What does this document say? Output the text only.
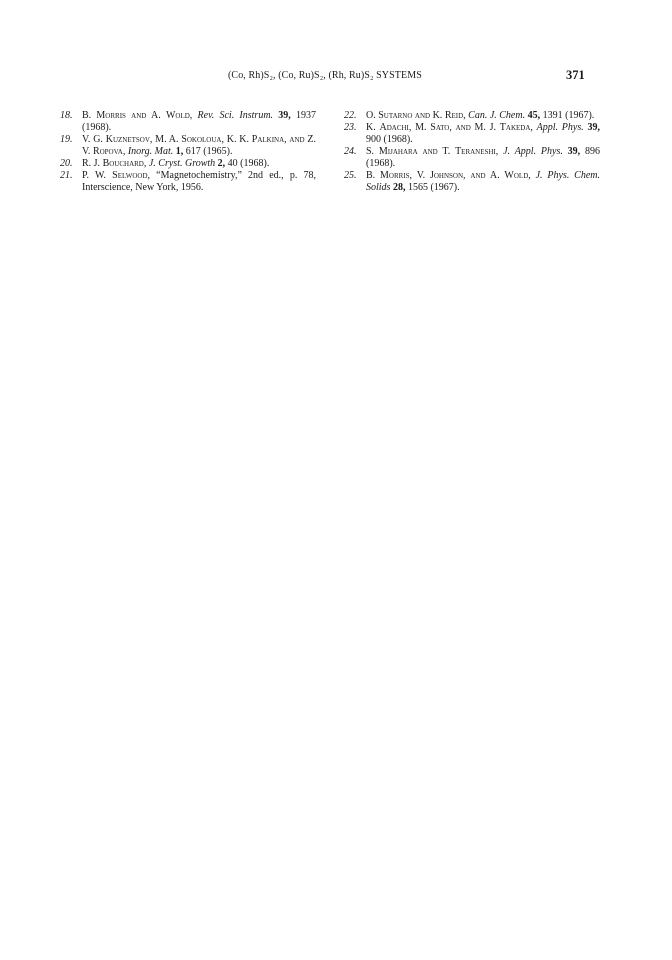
(Co, Rh)S₂, (Co, Ru)S₂, (Rh, Ru)S₂ SYSTEMS	371
18. B. Morris and A. Wold, Rev. Sci. Instrum. 39, 1937 (1968).
19. V. G. Kuznetsov, M. A. Sokoloua, K. K. Palkina, and Z. V. Ropova, Inorg. Mat. 1, 617 (1965).
20. R. J. Bouchard, J. Cryst. Growth 2, 40 (1968).
21. P. W. Selwood, “Magnetochemistry,” 2nd ed., p. 78, Interscience, New York, 1956.
22. O. Sutarno and K. Reid, Can. J. Chem. 45, 1391 (1967).
23. K. Adachi, M. Sato, and M. J. Takeda, Appl. Phys. 39, 900 (1968).
24. S. Mijahara and T. Teraneshi, J. Appl. Phys. 39, 896 (1968).
25. B. Morris, V. Johnson, and A. Wold, J. Phys. Chem. Solids 28, 1565 (1967).
